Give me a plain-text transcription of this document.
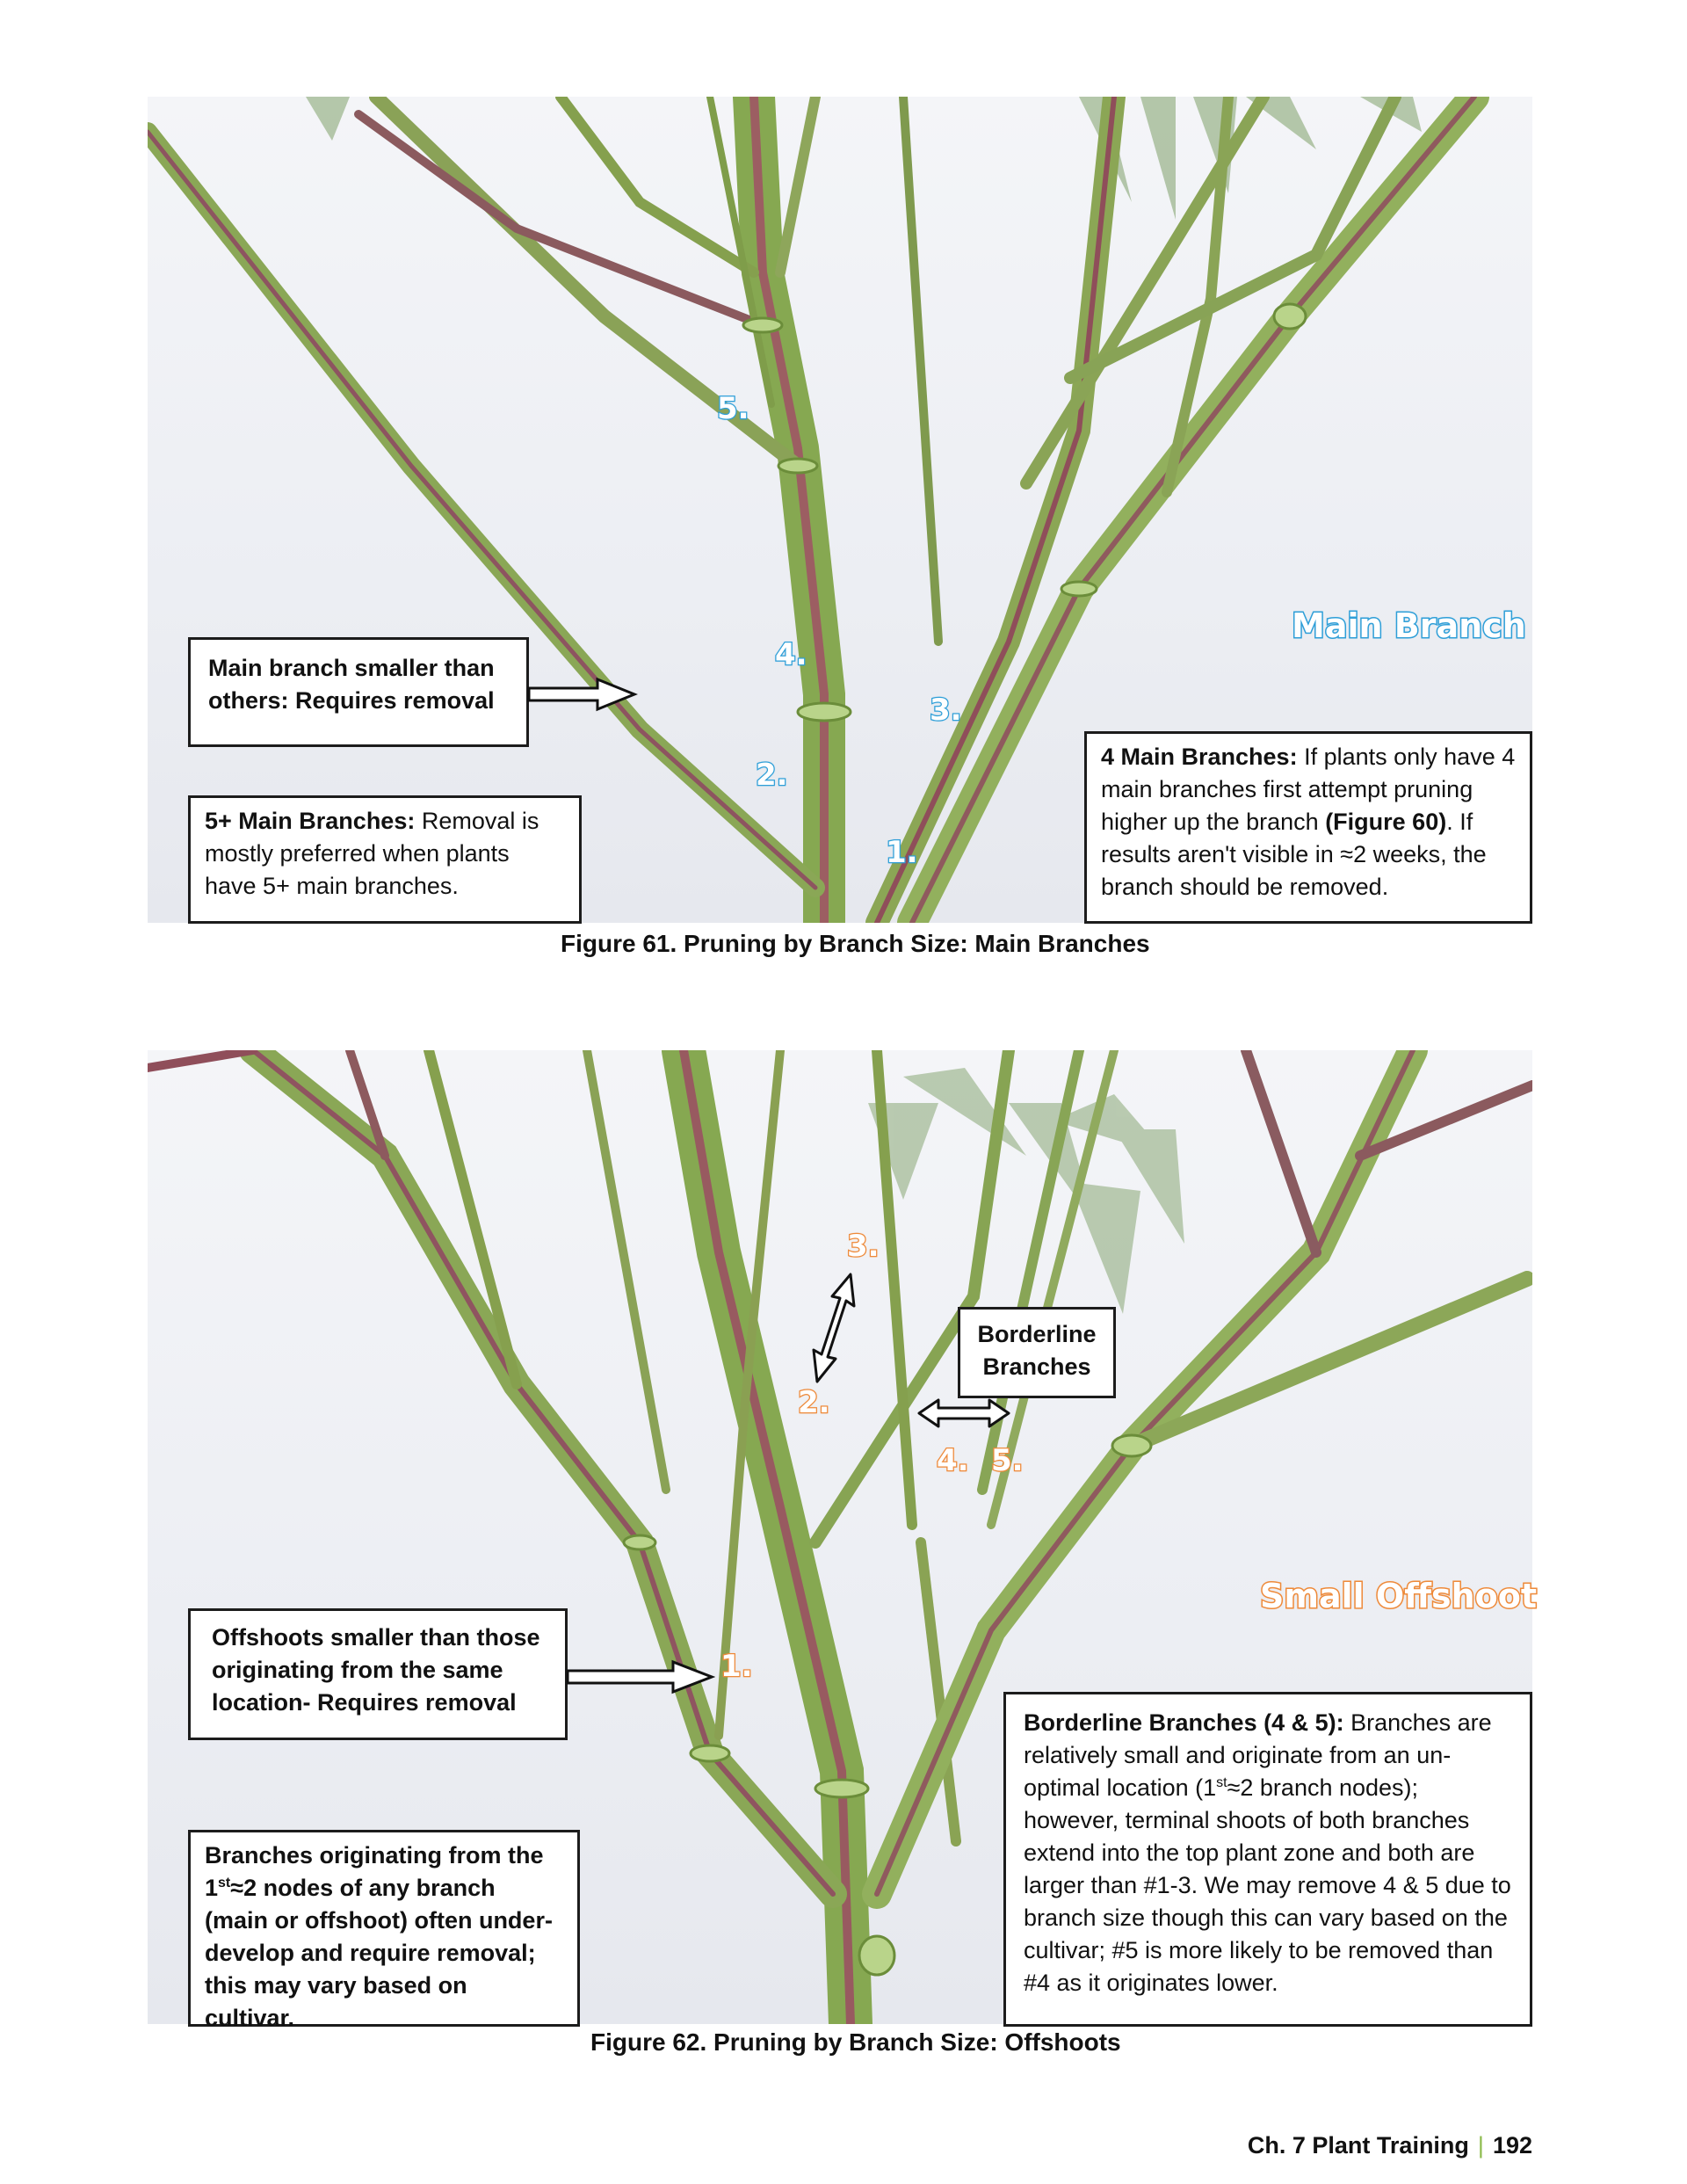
5.
4.
3.
2.
1.
Main Branch
Main branch smaller than others: Requires removal
5+ Main Branches: Removal is mostly preferred when plants have 5+ main branches.
4 Main Branches: If plants only have 4 main branches first attempt pruning higher up the branch (Figure 60). If results aren't visible in ≈2 weeks, the branch should be removed.
Figure 61. Pruning by Branch Size: Main Branches
3.
2.
4. 5.
1.
Small Offshoot
Borderline Branches
Offshoots smaller than those originating from the same location- Requires removal
Branches originating from the 1st≈2 nodes of any branch (main or offshoot) often under-develop and require removal; this may vary based on cultivar.
Borderline Branches (4 & 5): Branches are relatively small and originate from an un-optimal location (1st≈2 branch nodes); however, terminal shoots of both branches extend into the top plant zone and both are larger than #1-3. We may remove 4 & 5 due to branch size though this can vary based on the cultivar; #5 is more likely to be removed than #4 as it originates lower.
Figure 62. Pruning by Branch Size: Offshoots
Ch. 7 Plant Training | 192
